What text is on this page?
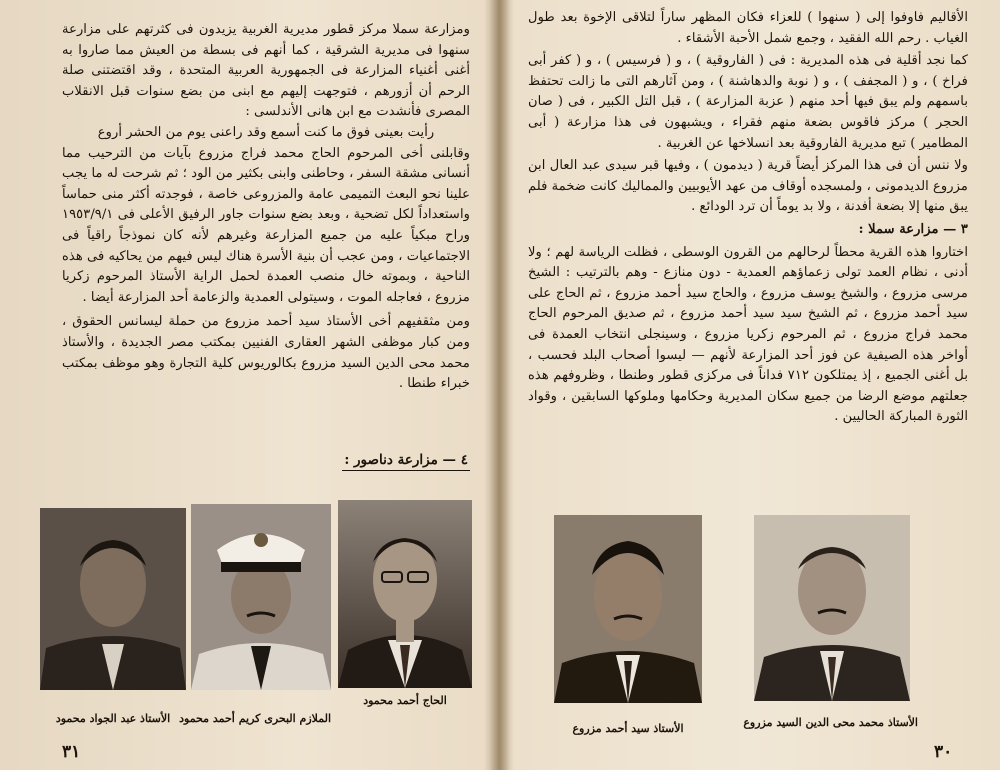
ومزارعة سملا مركز قطور مديرية الغربية يزيدون فى كثرتهم على مزارعة سنهوا فى مديرية الشرقية ، كما أنهم فى بسطة من العيش مما صاروا به أغنى أغنياء المزارعة فى الجمهورية العربية المتحدة ، وقد اقتضتنى صلة الرحم أن أزورهم ، فتوجهت إليهم مع ابنى من بضع سنوات قبل الانقلاب المصرى فأنشدت مع ابن هانى الأندلسى :

رأيت بعينى فوق ما كنت أسمع وقد راعنى يوم من الحشر أروع

وقابلنى أخى المرحوم الحاج محمد فراج مزروع بآيات من الترحيب مما أنسانى مشقة السفر ، وحاطنى وابنى بكثير من الود ؛ ثم شرحت له ما يجب علينا نحو البعث التميمى عامة والمزروعى خاصة ، فوجدته أكثر منى حماساً واستعداداً لكل تضحية ، وبعد بضع سنوات جاور الرفيق الأعلى فى ١٩٥٣/٩/١ وراح مبكياً عليه من جميع المزارعة وغيرهم لأنه كان نموذجاً راقياً فى الاجتماعيات ، ومن عجب أن بنية الأسرة هناك ليس فيهم من يحاكيه فى هذه الناحية ، وبموته خال منصب العمدة لحمل الراية الأستاذ المرحوم زكريا مزروع ، فعاجله الموت ، وسيتولى العمدية والزعامة أحد المزارعة أيضا .

ومن مثقفيهم أخى الأستاذ سيد أحمد مزروع من حملة ليسانس الحقوق ، ومن كبار موظفى الشهر العقارى الفنيين بمكتب مصر الجديدة ، والأستاذ محمد محى الدين السيد مزروع بكالوريوس كلية التجارة وهو موظف بمكتب خبراء طنطا .

٤ — مزارعة دناصور :
الحاج أحمد محمود
الملازم البحرى كريم أحمد محمود
الأستاذ عبد الجواد محمود
٣١

الأقاليم فاوفوا إلى ( سنهوا ) للعزاء فكان المظهر ساراً لتلاقى الإخوة بعد طول الغياب . رحم الله الفقيد ، وجمع شمل الأحبة الأشقاء .

كما نجد أقلية فى هذه المديرية : فى ( الفاروقية ) ، و ( فرسيس ) ، و ( كفر أبى فراخ ) ، و ( المجفف ) ، و ( نوبة والدهاشنة ) ، ومن آثارهم التى ما زالت تحتفظ باسمهم ولم يبق فيها أحد منهم ( عزبة المزارعة ) ، قبل التل الكبير ، فى ( صان الحجر ) مركز فاقوس بضعة منهم فقراء ، ويشبهون فى هذا مزارعة ( أبى المطامير ) تبع مديرية الفاروقية بعد انسلاخها عن الغربية .

ولا ننس أن فى هذا المركز أيضاً قرية ( ديدمون ) ، وفيها قبر سيدى عبد العال ابن مزروع الديدمونى ، ولمسجده أوقاف من عهد الأيوبيين والمماليك كانت ضخمة فلم يبق منها إلا بضعة أفدنة ، ولا بد يوماً أن ترد الودائع .

٣ — مزارعة سملا :

اختاروا هذه القرية محطاً لرحالهم من القرون الوسطى ، فظلت الرياسة لهم ؛ ولا أدنى ، نظام العمد تولى زعماؤهم العمدية - دون منازع - وهم بالترتيب : الشيخ مرسى مزروع ، والشيخ يوسف مزروع ، والحاج سيد أحمد مزروع ، ثم الحاج على سيد أحمد مزروع ، ثم الشيخ سيد سيد أحمد مزروع ، ثم صديق المرحوم الحاج محمد فراج مزروع ، ثم المرحوم زكريا مزروع ، وسينجلى انتخاب العمدة فى أواخر هذه الصيفية عن فوز أحد المزارعة لأنهم — ليسوا أصحاب البلد فحسب ، بل أغنى الجميع ، إذ يمتلكون ٧١٢ فداناً فى مركزى قطور وطنطا ، وظروفهم هذه جعلتهم موضع الرضا من جميع سكان المديرية وحكامها وملوكها السابقين ، وقواد الثورة المباركة الحاليين .

الأستاذ محمد محى الدين السيد مزروع
الأستاذ سيد أحمد مزروع
٣٠
